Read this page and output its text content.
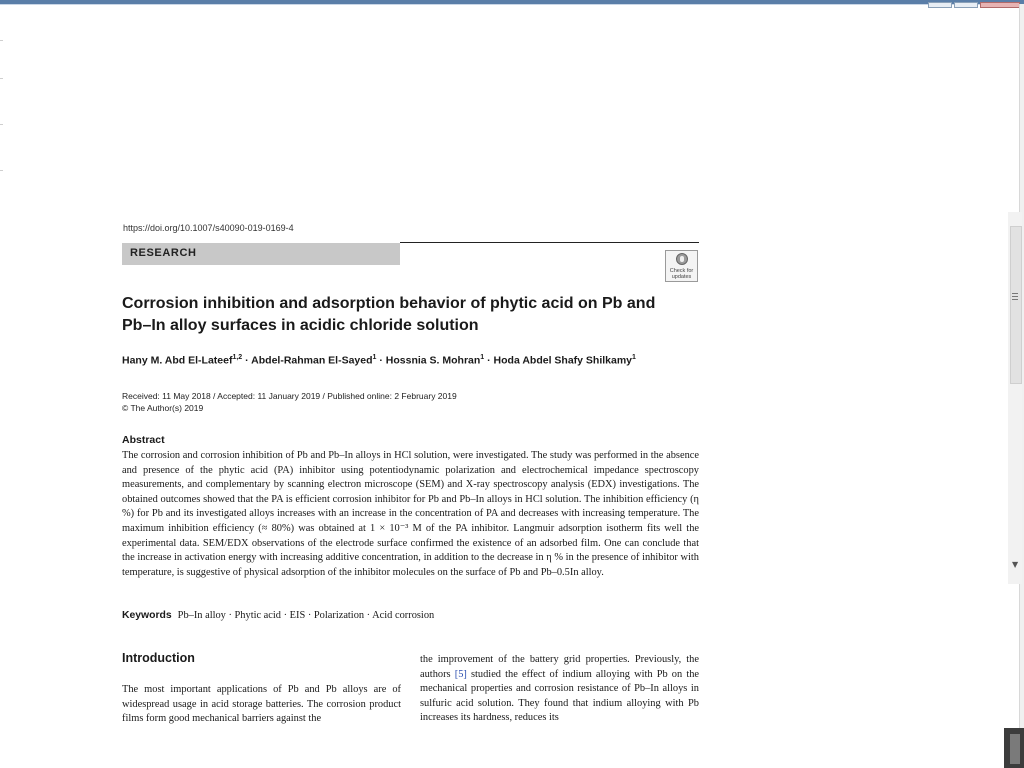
▼
https://doi.org/10.1007/s40090-019-0169-4
RESEARCH
Check for updates
Corrosion inhibition and adsorption behavior of phytic acid on Pb and Pb–In alloy surfaces in acidic chloride solution
Hany M. Abd El-Lateef$^{1,2}$ · Abdel-Rahman El-Sayed$^1$ · Hossnia S. Mohran$^1$ · Hoda Abdel Shafy Shilkamy$^1$
Received: 11 May 2018 / Accepted: 11 January 2019 / Published online: 2 February 2019
© The Author(s) 2019
Abstract
The corrosion and corrosion inhibition of Pb and Pb–In alloys in HCl solution, were investigated. The study was performed in the absence and presence of the phytic acid (PA) inhibitor using potentiodynamic polarization and electrochemical impedance spectroscopy measurements, and complementary by scanning electron microscope (SEM) and X-ray spectroscopy analysis (EDX) investigations. The obtained outcomes showed that the PA is efficient corrosion inhibitor for Pb and Pb–In alloys in HCl solution. The inhibition efficiency (η %) for Pb and its investigated alloys increases with an increase in the concentration of PA and decreases with increasing temperature. The maximum inhibition efficiency (≈ 80%) was obtained at 1 × 10⁻³ M of the PA inhibitor. Langmuir adsorption isotherm fits well the experimental data. SEM/EDX observations of the electrode surface confirmed the existence of an adsorbed film. One can conclude that the increase in activation energy with increasing additive concentration, in addition to the decrease in η % in the presence of inhibitor with temperature, is suggestive of physical adsorption of the inhibitor molecules on the surface of Pb and Pb–0.5In alloy.
Keywords Pb–In alloy · Phytic acid · EIS · Polarization · Acid corrosion
Introduction
The most important applications of Pb and Pb alloys are of widespread usage in acid storage batteries. The corrosion product films form good mechanical barriers against the
the improvement of the battery grid properties. Previously, the authors [5] studied the effect of indium alloying with Pb on the mechanical properties and corrosion resistance of Pb–In alloys in sulfuric acid solution. They found that indium alloying with Pb increases its hardness, reduces its
